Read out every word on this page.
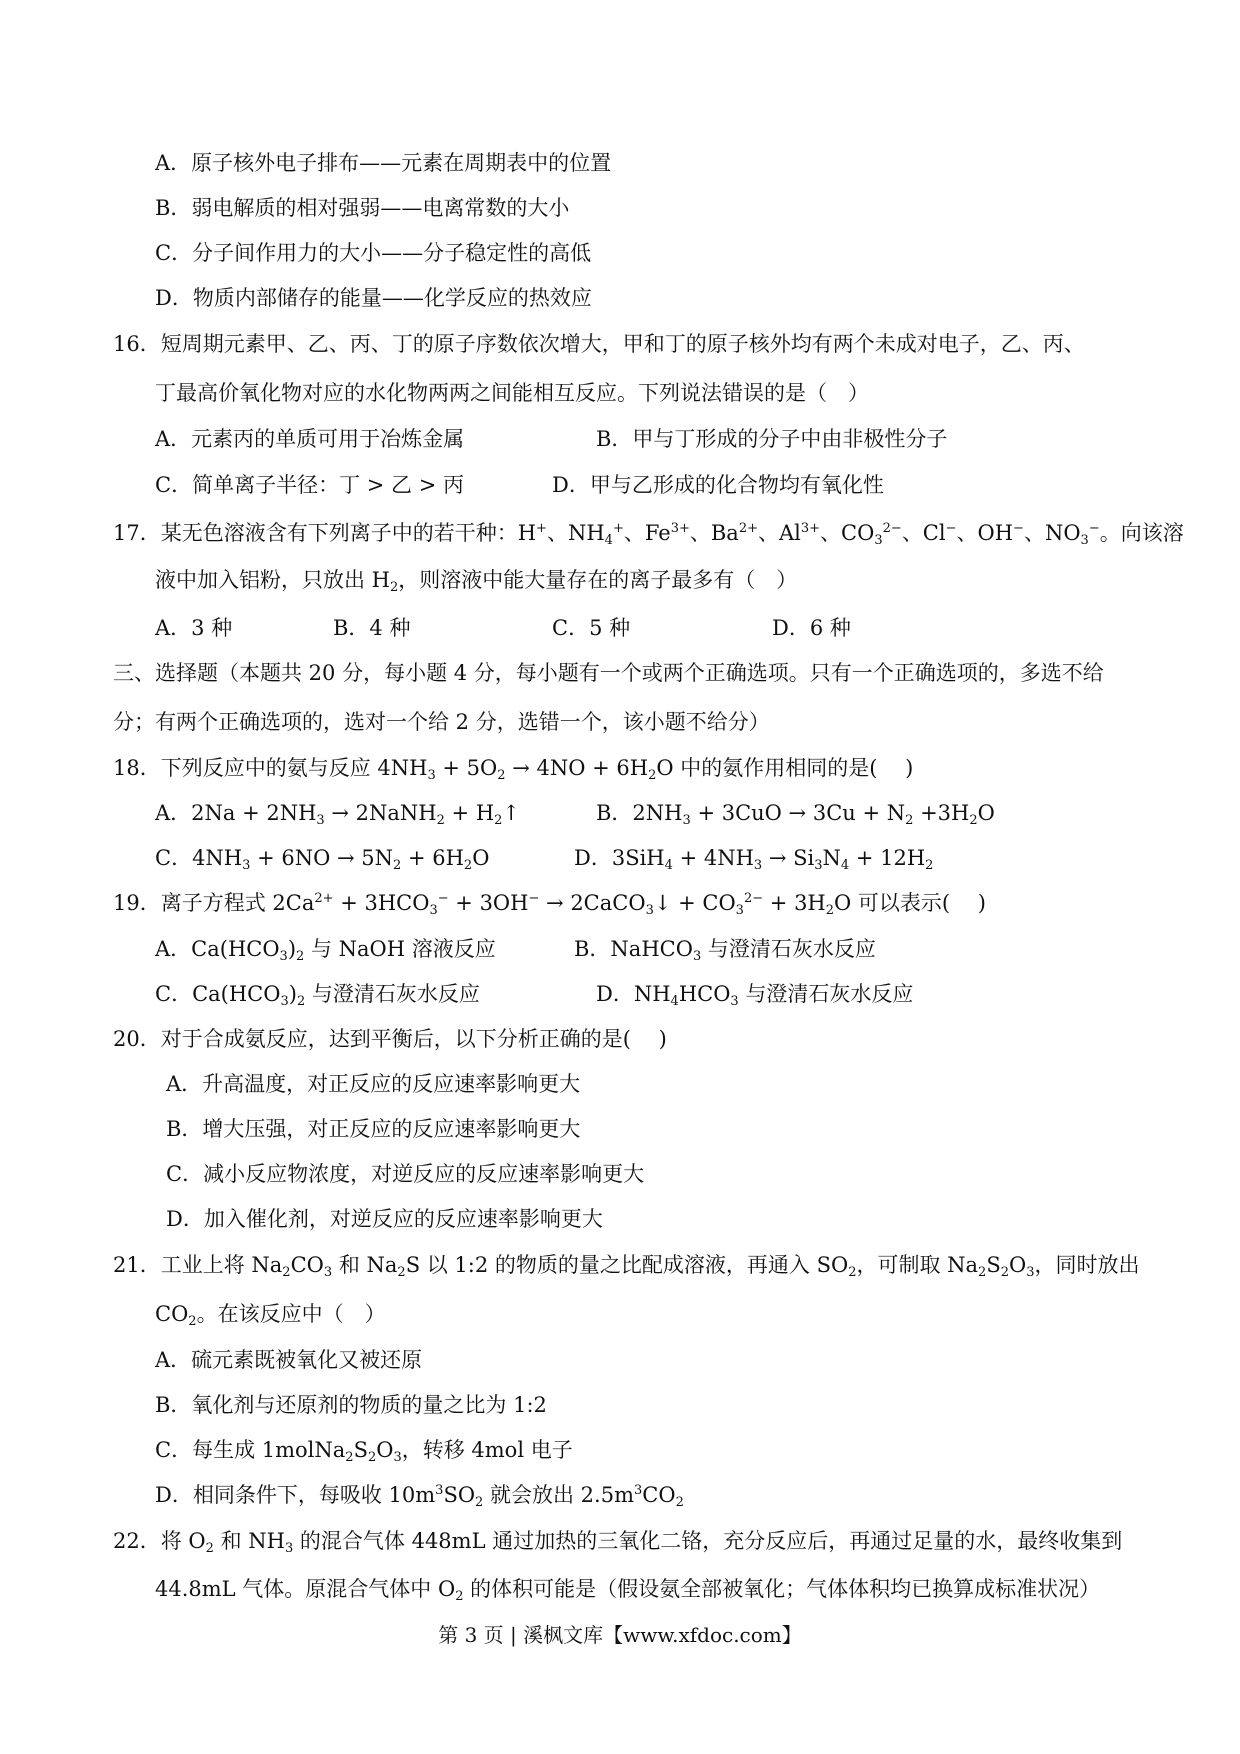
A．原子核外电子排布——元素在周期表中的位置
B．弱电解质的相对强弱——电离常数的大小
C．分子间作用力的大小——分子稳定性的高低
D．物质内部储存的能量——化学反应的热效应
16．短周期元素甲、乙、丙、丁的原子序数依次增大，甲和丁的原子核外均有两个未成对电子，乙、丙、
丁最高价氧化物对应的水化物两两之间能相互反应。下列说法错误的是（　）
A．元素丙的单质可用于冶炼金属	B．甲与丁形成的分子中由非极性分子
C．简单离子半径：丁 > 乙 > 丙	D．甲与乙形成的化合物均有氧化性
17．某无色溶液含有下列离子中的若干种：H+、$NH_4^+$、$Fe^{3+}$、$Ba^{2+}$、$Al^{3+}$、$CO_3^{2-}$、Cl−、OH−、$NO_3^-$。向该溶
液中加入铝粉，只放出 $H_2$，则溶液中能大量存在的离子最多有（　）
A．3 种	B．4 种	C．5 种	D．6 种
三、选择题（本题共 20 分，每小题 4 分，每小题有一个或两个正确选项。只有一个正确选项的，多选不给
分；有两个正确选项的，选对一个给 2 分，选错一个，该小题不给分）
18．下列反应中的氨与反应 $4NH_3 + 5O_2 \to 4NO + 6H_2O$ 中的氨作用相同的是(　 )
A．$2Na + 2NH_3$ → 2NaNH$_2$ + $H_2↑$	B．$2NH_3 + 3CuO \to 3Cu + N_2 +3H_2O$
C．$4NH_3 + 6NO \to 5N_2 + 6H_2O$	D．$3SiH_4 + 4NH_3 \to Si_3N_4 + 12H_2$
19．离子方程式 $2Ca^{2+} + 3HCO_3^- + 3OH^-$ → 2CaCO$_3$↓ + $CO_3^{2-} + 3H_2O$ 可以表示(　 )
A．$Ca(HCO_3)_2$ 与 NaOH 溶液反应	B．NaHCO$_3$ 与澄清石灰水反应
C．$Ca(HCO_3)_2$ 与澄清石灰水反应	D．$NH_4HCO_3$ 与澄清石灰水反应
20．对于合成氨反应，达到平衡后，以下分析正确的是(　 )
A．升高温度，对正反应的反应速率影响更大
B．增大压强，对正反应的反应速率影响更大
C．减小反应物浓度，对逆反应的反应速率影响更大
D．加入催化剂，对逆反应的反应速率影响更大
21．工业上将 $Na_2CO_3$ 和 $Na_2S$ 以 1:2 的物质的量之比配成溶液，再通入 $SO_2$，可制取 $Na_2S_2O_3$，同时放出
$CO_2$。在该反应中（　）
A．硫元素既被氧化又被还原
B．氧化剂与还原剂的物质的量之比为 1:2
C．每生成 $1molNa_2S_2O_3$，转移 4mol 电子
D．相同条件下，每吸收 $10m^3SO_2$ 就会放出 $2.5m^3CO_2$
22．将 $O_2$ 和 $NH_3$ 的混合气体 448mL 通过加热的三氧化二铬，充分反应后，再通过足量的水，最终收集到
44.8mL 气体。原混合气体中 $O_2$ 的体积可能是（假设氨全部被氧化；气体体积均已换算成标准状况）
第 3 页 | 溪枫文库【www.xfdoc.com】
